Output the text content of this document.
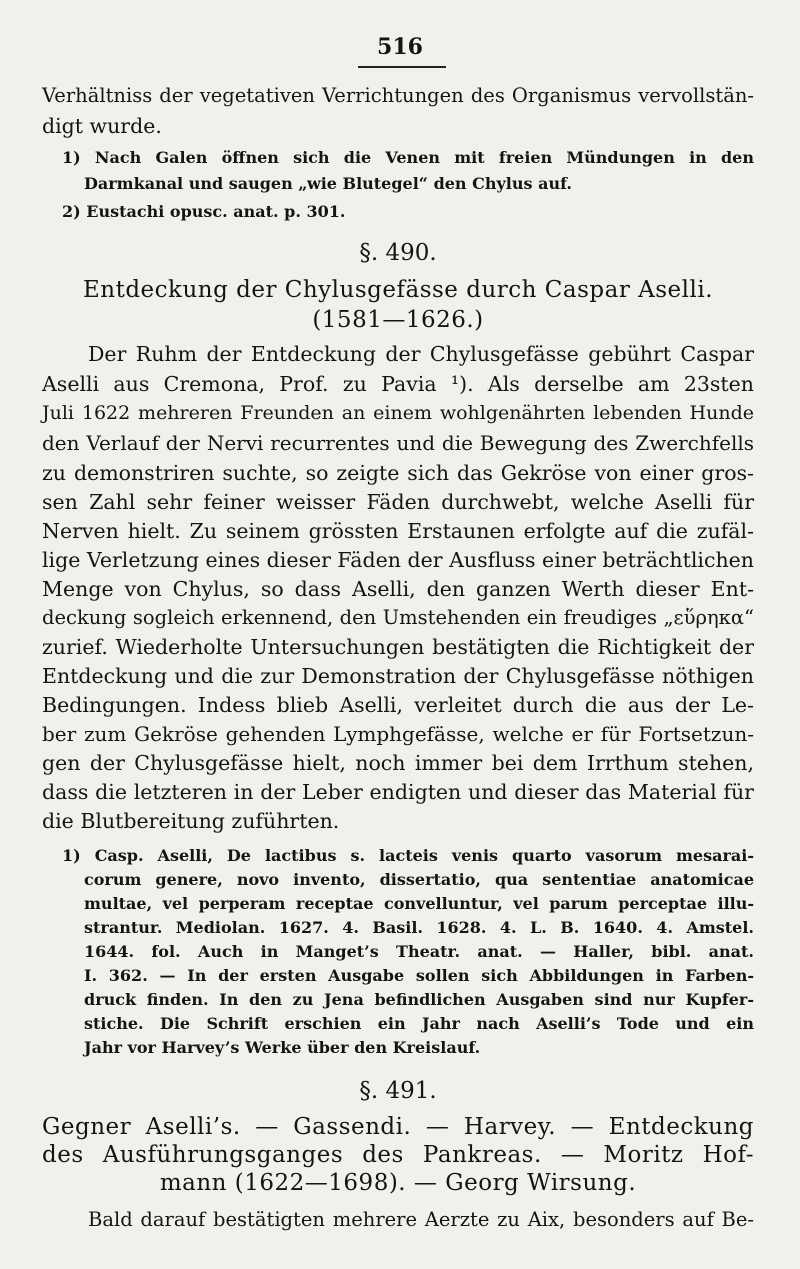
516
Verhältniss der vegetativen Verrichtungen des Organismus vervollstän-
digt wurde.
1) Nach Galen öffnen sich die Venen mit freien Mündungen in den
Darmkanal und saugen „wie Blutegel“ den Chylus auf.
2) Eustachi opusc. anat. p. 301.
§. 490.
Entdeckung der Chylusgefässe durch Caspar Aselli.
(1581—1626.)
Der Ruhm der Entdeckung der Chylusgefässe gebührt Caspar
Aselli aus Cremona, Prof. zu Pavia ¹). Als derselbe am 23sten
Juli 1622 mehreren Freunden an einem wohlgenährten lebenden Hunde
den Verlauf der Nervi recurrentes und die Bewegung des Zwerchfells
zu demonstriren suchte, so zeigte sich das Gekröse von einer gros-
sen Zahl sehr feiner weisser Fäden durchwebt, welche Aselli für
Nerven hielt. Zu seinem grössten Erstaunen erfolgte auf die zufäl-
lige Verletzung eines dieser Fäden der Ausfluss einer beträchtlichen
Menge von Chylus, so dass Aselli, den ganzen Werth dieser Ent-
deckung sogleich erkennend, den Umstehenden ein freudiges „εὕρηκα“
zurief. Wiederholte Untersuchungen bestätigten die Richtigkeit der
Entdeckung und die zur Demonstration der Chylusgefässe nöthigen
Bedingungen. Indess blieb Aselli, verleitet durch die aus der Le-
ber zum Gekröse gehenden Lymphgefässe, welche er für Fortsetzun-
gen der Chylusgefässe hielt, noch immer bei dem Irrthum stehen,
dass die letzteren in der Leber endigten und dieser das Material für
die Blutbereitung zuführten.
1) Casp. Aselli, De lactibus s. lacteis venis quarto vasorum mesarai-
corum genere, novo invento, dissertatio, qua sententiae anatomicae
multae, vel perperam receptae convelluntur, vel parum perceptae illu-
strantur. Mediolan. 1627. 4. Basil. 1628. 4. L. B. 1640. 4. Amstel.
1644. fol. Auch in Manget’s Theatr. anat. — Haller, bibl. anat.
I. 362. — In der ersten Ausgabe sollen sich Abbildungen in Farben-
druck finden. In den zu Jena befindlichen Ausgaben sind nur Kupfer-
stiche. Die Schrift erschien ein Jahr nach Aselli’s Tode und ein
Jahr vor Harvey’s Werke über den Kreislauf.
§. 491.
Gegner Aselli’s. — Gassendi. — Harvey. — Entdeckung
des Ausführungsganges des Pankreas. — Moritz Hof-
mann (1622—1698). — Georg Wirsung.
Bald darauf bestätigten mehrere Aerzte zu Aix, besonders auf Be-
